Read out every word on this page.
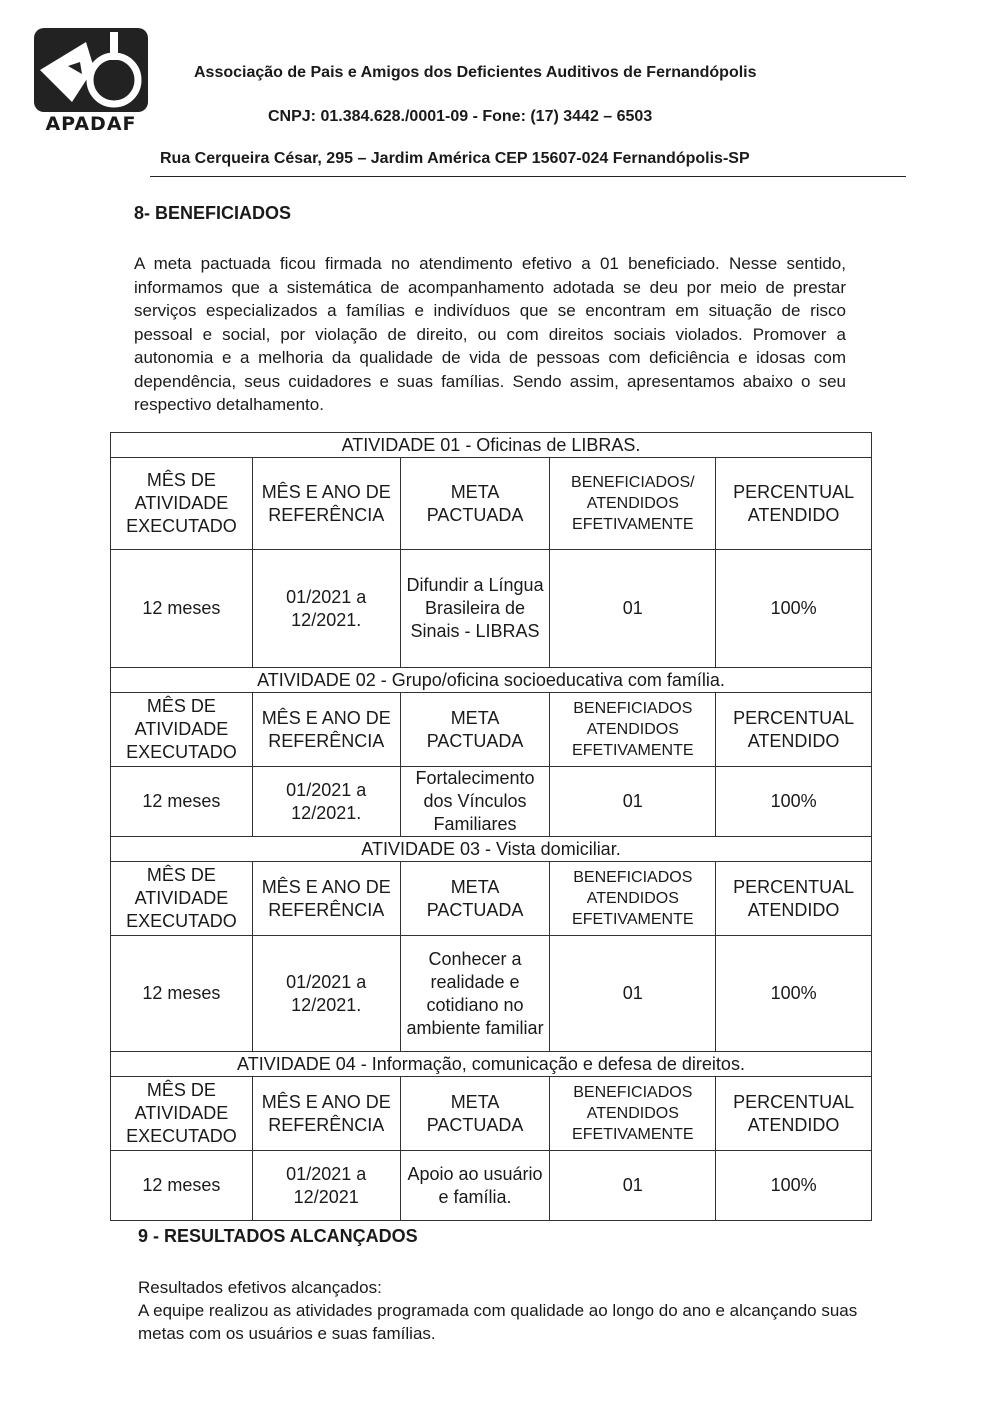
APADAF
Associação de Pais e Amigos dos Deficientes Auditivos de Fernandópolis
CNPJ: 01.384.628./0001-09 - Fone: (17) 3442 – 6503
Rua Cerqueira César, 295 – Jardim América CEP 15607-024 Fernandópolis-SP
8- BENEFICIADOS
A meta pactuada ficou firmada no atendimento efetivo a 01 beneficiado. Nesse sentido, informamos que a sistemática de acompanhamento adotada se deu por meio de prestar serviços especializados a famílias e indivíduos que se encontram em situação de risco pessoal e social, por violação de direito, ou com direitos sociais violados. Promover a autonomia e a melhoria da qualidade de vida de pessoas com deficiência e idosas com dependência, seus cuidadores e suas famílias. Sendo assim, apresentamos abaixo o seu respectivo detalhamento.
ATIVIDADE 01 - Oficinas de LIBRAS.				
MÊS DE ATIVIDADE EXECUTADO	MÊS E ANO DE REFERÊNCIA	META PACTUADA	BENEFICIADOS/ ATENDIDOS EFETIVAMENTE	PERCENTUAL ATENDIDO
12 meses	01/2021 a 12/2021.	Difundir a Língua Brasileira de Sinais - LIBRAS	01	100%
ATIVIDADE 02 - Grupo/oficina socioeducativa com família.				
MÊS DE ATIVIDADE EXECUTADO	MÊS E ANO DE REFERÊNCIA	META PACTUADA	BENEFICIADOS ATENDIDOS EFETIVAMENTE	PERCENTUAL ATENDIDO
12 meses	01/2021 a 12/2021.	Fortalecimento dos Vínculos Familiares	01	100%
ATIVIDADE 03 - Vista domiciliar.				
MÊS DE ATIVIDADE EXECUTADO	MÊS E ANO DE REFERÊNCIA	META PACTUADA	BENEFICIADOS ATENDIDOS EFETIVAMENTE	PERCENTUAL ATENDIDO
12 meses	01/2021 a 12/2021.	Conhecer a realidade e cotidiano no ambiente familiar	01	100%
ATIVIDADE 04 - Informação, comunicação e defesa de direitos.				
MÊS DE ATIVIDADE EXECUTADO	MÊS E ANO DE REFERÊNCIA	META PACTUADA	BENEFICIADOS ATENDIDOS EFETIVAMENTE	PERCENTUAL ATENDIDO
12 meses	01/2021 a 12/2021	Apoio ao usuário e família.	01	100%
9 - RESULTADOS ALCANÇADOS
Resultados efetivos alcançados:
A equipe realizou as atividades programada com qualidade ao longo do ano e alcançando suas metas com os usuários e suas famílias.
